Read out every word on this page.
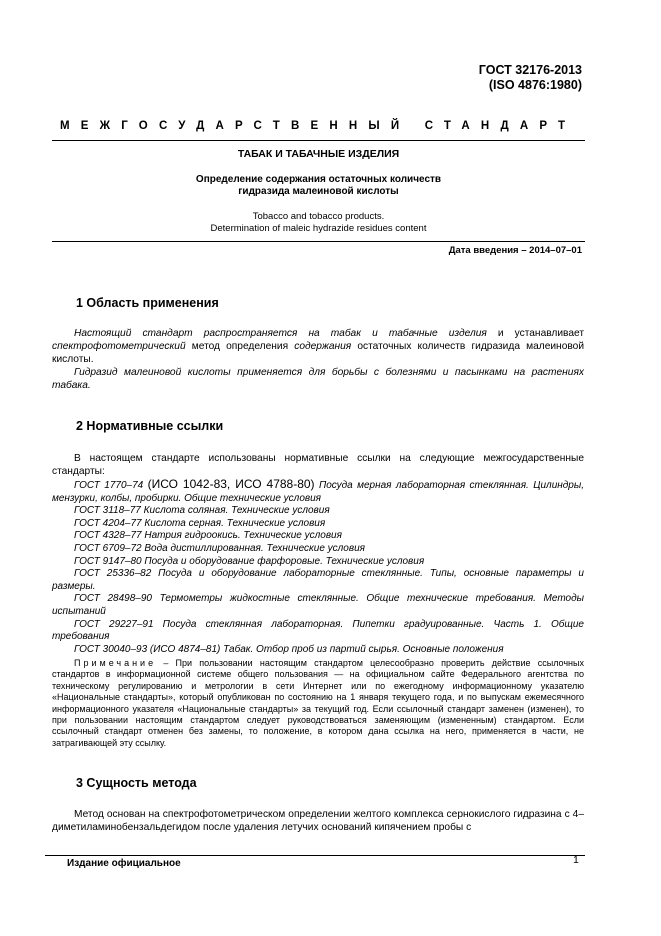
ГОСТ 32176-2013
(ISO 4876:1980)
МЕЖГОСУДАРСТВЕННЫЙ СТАНДАРТ
ТАБАК И ТАБАЧНЫЕ ИЗДЕЛИЯ
Определение содержания остаточных количеств
гидразида малеиновой кислоты
Tobacco and tobacco products.
Determination of maleic hydrazide residues content
Дата введения – 2014–07–01
1 Область применения

Настоящий стандарт распространяется на табак и табачные изделия и устанавливает спектрофотометрический метод определения содержания остаточных количеств гидразида малеиновой кислоты.

Гидразид малеиновой кислоты применяется для борьбы с болезнями и пасынками на растениях табака.

2 Нормативные ссылки

В настоящем стандарте использованы нормативные ссылки на следующие межгосударственные стандарты:

ГОСТ 1770–74 (ИСО 1042-83, ИСО 4788-80) Посуда мерная лабораторная стеклянная. Цилиндры, мензурки, колбы, пробирки. Общие технические условия

ГОСТ 3118–77 Кислота соляная. Технические условия

ГОСТ 4204–77 Кислота серная. Технические условия

ГОСТ 4328–77 Натрия гидроокись. Технические условия

ГОСТ 6709–72 Вода дистиллированная. Технические условия

ГОСТ 9147–80 Посуда и оборудование фарфоровые. Технические условия

ГОСТ 25336–82 Посуда и оборудование лабораторные стеклянные. Типы, основные параметры и размеры.

ГОСТ 28498–90 Термометры жидкостные стеклянные. Общие технические требования. Методы испытаний

ГОСТ 29227–91 Посуда стеклянная лабораторная. Пипетки градуированные. Часть 1. Общие требования

ГОСТ 30040–93 (ИСО 4874–81) Табак. Отбор проб из партий сырья. Основные положения

Примечание – При пользовании настоящим стандартом целесообразно проверить действие ссылочных стандартов в информационной системе общего пользования — на официальном сайте Федерального агентства по техническому регулированию и метрологии в сети Интернет или по ежегодному информационному указателю «Национальные стандарты», который опубликован по состоянию на 1 января текущего года, и по выпускам ежемесячного информационного указателя «Национальные стандарты» за текущий год. Если ссылочный стандарт заменен (изменен), то при пользовании настоящим стандартом следует руководствоваться заменяющим (измененным) стандартом. Если ссылочный стандарт отменен без замены, то положение, в котором дана ссылка на него, применяется в части, не затрагивающей эту ссылку.

3 Сущность метода

Метод основан на спектрофотометрическом определении желтого комплекса сернокислого гидразина с 4–диметиламинобензальдегидом после удаления летучих оснований кипячением пробы с

Издание официальное	1
